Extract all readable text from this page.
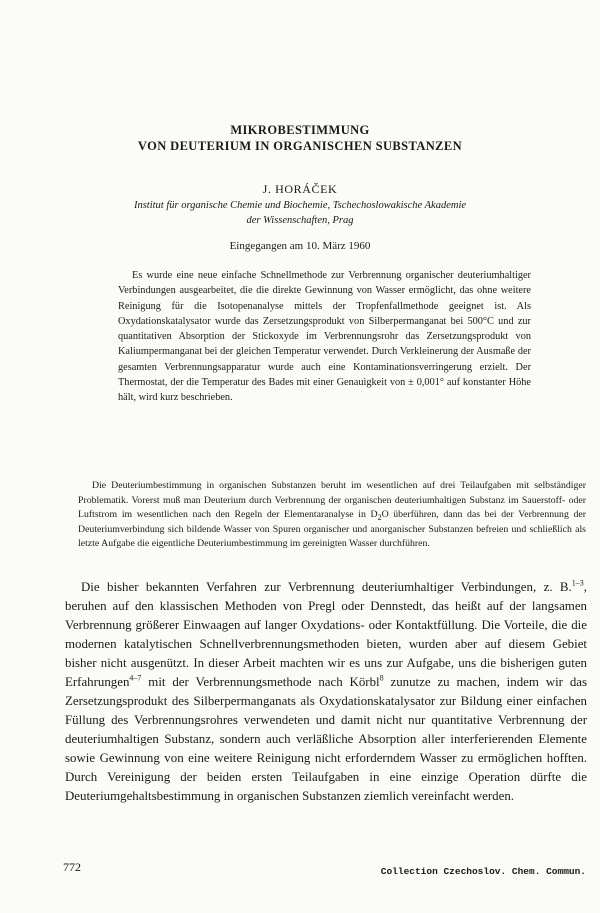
MIKROBESTIMMUNG
VON DEUTERIUM IN ORGANISCHEN SUBSTANZEN
J. HORÁČEK
Institut für organische Chemie und Biochemie, Tschechoslowakische Akademie
der Wissenschaften, Prag
Eingegangen am 10. März 1960

Es wurde eine neue einfache Schnellmethode zur Verbrennung organischer deuteriumhaltiger Verbindungen ausgearbeitet, die die direkte Gewinnung von Wasser ermöglicht, das ohne weitere Reinigung für die Isotopenanalyse mittels der Tropfenfallmethode geeignet ist. Als Oxydationskatalysator wurde das Zersetzungsprodukt von Silberpermanganat bei 500°C und zur quantitativen Absorption der Stickoxyde im Verbrennungsrohr das Zersetzungsprodukt von Kaliumpermanganat bei der gleichen Temperatur verwendet. Durch Verkleinerung der Ausmaße der gesamten Verbrennungsapparatur wurde auch eine Kontaminationsverringerung erzielt. Der Thermostat, der die Temperatur des Bades mit einer Genauigkeit von ± 0,001° auf konstanter Höhe hält, wird kurz beschrieben.

Die Deuteriumbestimmung in organischen Substanzen beruht im wesentlichen auf drei Teilaufgaben mit selbständiger Problematik. Vorerst muß man Deuterium durch Verbrennung der organischen deuteriumhaltigen Substanz im Sauerstoff- oder Luftstrom im wesentlichen nach den Regeln der Elementaranalyse in $D_2O$ überführen, dann das bei der Verbrennung der Deuteriumverbindung sich bildende Wasser von Spuren organischer und anorganischer Substanzen befreien und schließlich als letzte Aufgabe die eigentliche Deuteriumbestimmung im gereinigten Wasser durchführen.

Die bisher bekannten Verfahren zur Verbrennung deuteriumhaltiger Verbindungen, z. B.$^{1-3}$, beruhen auf den klassischen Methoden von Pregl oder Dennstedt, das heißt auf der langsamen Verbrennung größerer Einwaagen auf langer Oxydations- oder Kontaktfüllung. Die Vorteile, die die modernen katalytischen Schnellverbrennungsmethoden bieten, wurden aber auf diesem Gebiet bisher nicht ausgenützt. In dieser Arbeit machten wir es uns zur Aufgabe, uns die bisherigen guten Erfahrungen$^{4-7}$ mit der Verbrennungsmethode nach Körbl$^8$ zunutze zu machen, indem wir das Zersetzungsprodukt des Silberpermanganats als Oxydationskatalysator zur Bildung einer einfachen Füllung des Verbrennungsrohres verwendeten und damit nicht nur quantitative Verbrennung der deuteriumhaltigen Substanz, sondern auch verläßliche Absorption aller interferierenden Elemente sowie Gewinnung von eine weitere Reinigung nicht erforderndem Wasser zu ermöglichen hofften. Durch Vereinigung der beiden ersten Teilaufgaben in eine einzige Operation dürfte die Deuteriumgehaltsbestimmung in organischen Substanzen ziemlich vereinfacht werden.

772	Collection Czechoslov. Chem. Commun.
